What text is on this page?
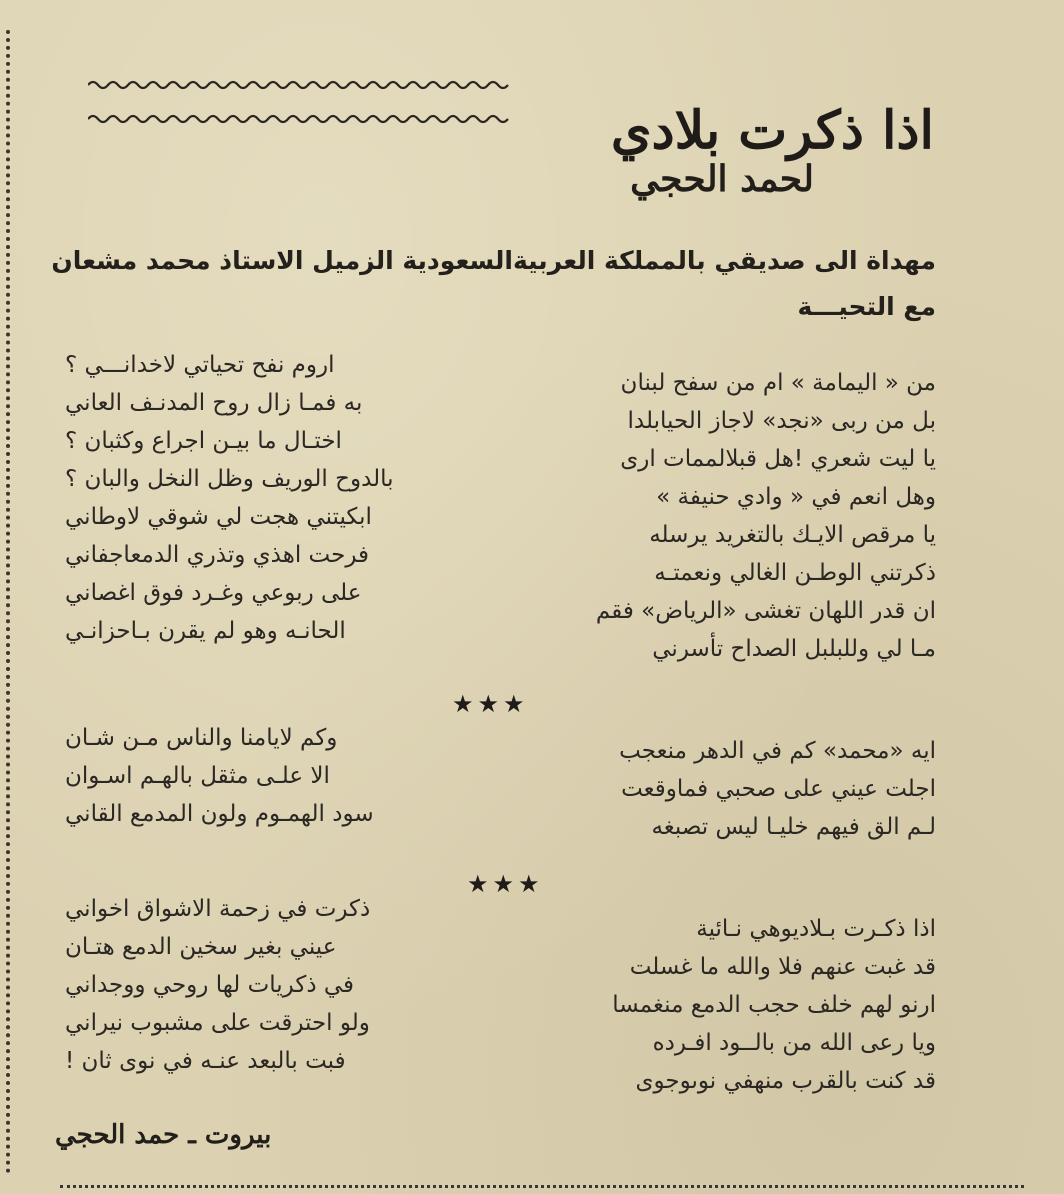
اذا ذكرت بلادي
لحمد الحجي
مهداة الى صديقي بالمملكة العربيةالسعودية الزميل الاستاذ محمد مشعان
مع التحيـــة
من « اليمامة » ام من سفح لبنان
اروم نفح تحياتي لاخدانـــي ؟
بل من ربى «نجد» لاجاز الحيابلدا
به فمـا زال روح المدنـف العاني
يا ليت شعري !هل قبلالممات ارى
اختـال ما بيـن اجراع وكثبان ؟
وهل انعم في « وادي حنيفة »
بالدوح الوريف وظل النخل والبان ؟
يا مرقص الايـك بالتغريد يرسله
ابكيتني هجت لي شوقي لاوطاني
ذكرتني الوطـن الغالي ونعمتـه
فرحت اهذي وتذري الدمعاجفاني
ان قدر اللهان تغشى «الرياض» فقم
على ربوعي وغـرد فوق اغصاني
مـا لي وللبلبل الصداح تأسرني
الحانـه وهو لم يقرن بـاحزانـي
★★★
ايه «محمد» كم في الدهر منعجب
وكم لايامنا والناس مـن شـان
اجلت عيني على صحبي فماوقعت
الا علـى مثقل بالهـم اسـوان
لـم الق فيهم خليـا ليس تصبغه
سود الهمـوم ولون المدمع القاني
★★★
اذا ذكـرت بـلاديوهي نـائية
ذكرت في زحمة الاشواق اخواني
قد غبت عنهم فلا والله ما غسلت
عيني بغير سخين الدمع هتـان
ارنو لهم خلف حجب الدمع منغمسا
في ذكريات لها روحي ووجداني
ويا رعى الله من بالــود افـرده
ولو احترقت على مشبوب نيراني
قد كنت بالقرب منهفي نوىوجوى
فبت بالبعد عنـه في نوى ثان !
بيروت ـ حمد الحجي
